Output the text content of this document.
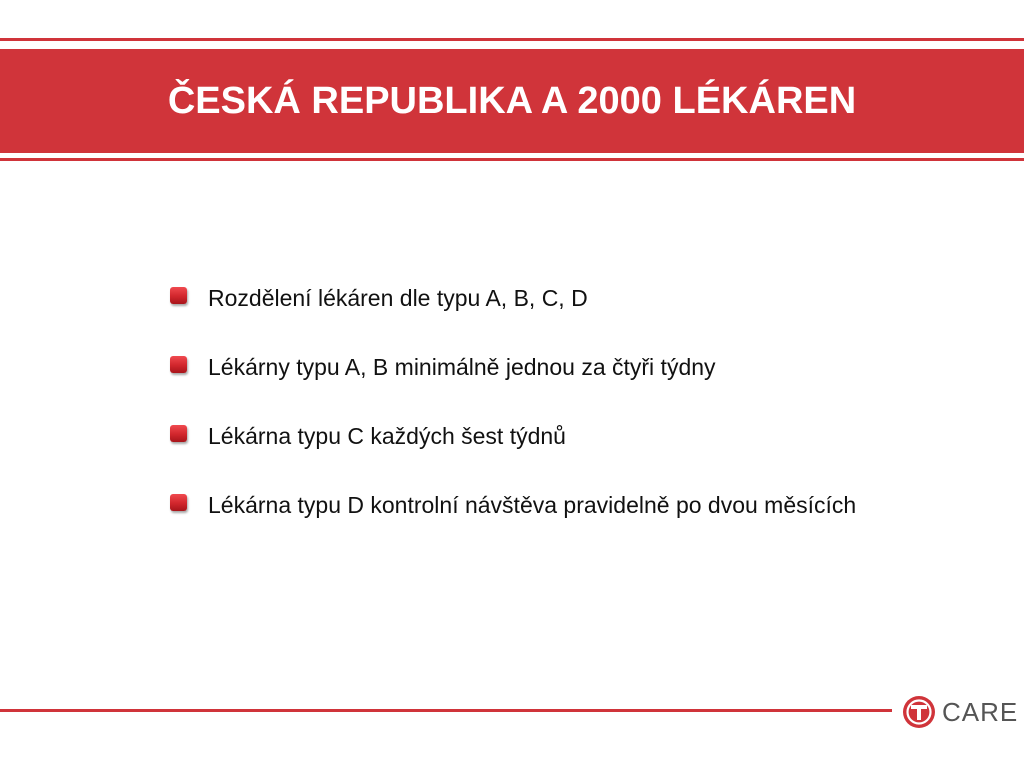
ČESKÁ REPUBLIKA A 2000 LÉKÁREN
Rozdělení lékáren dle typu A, B, C, D
Lékárny typu A, B minimálně jednou za čtyři týdny
Lékárna typu C každých šest týdnů
Lékárna typu D kontrolní návštěva pravidelně po dvou měsících
CARE
